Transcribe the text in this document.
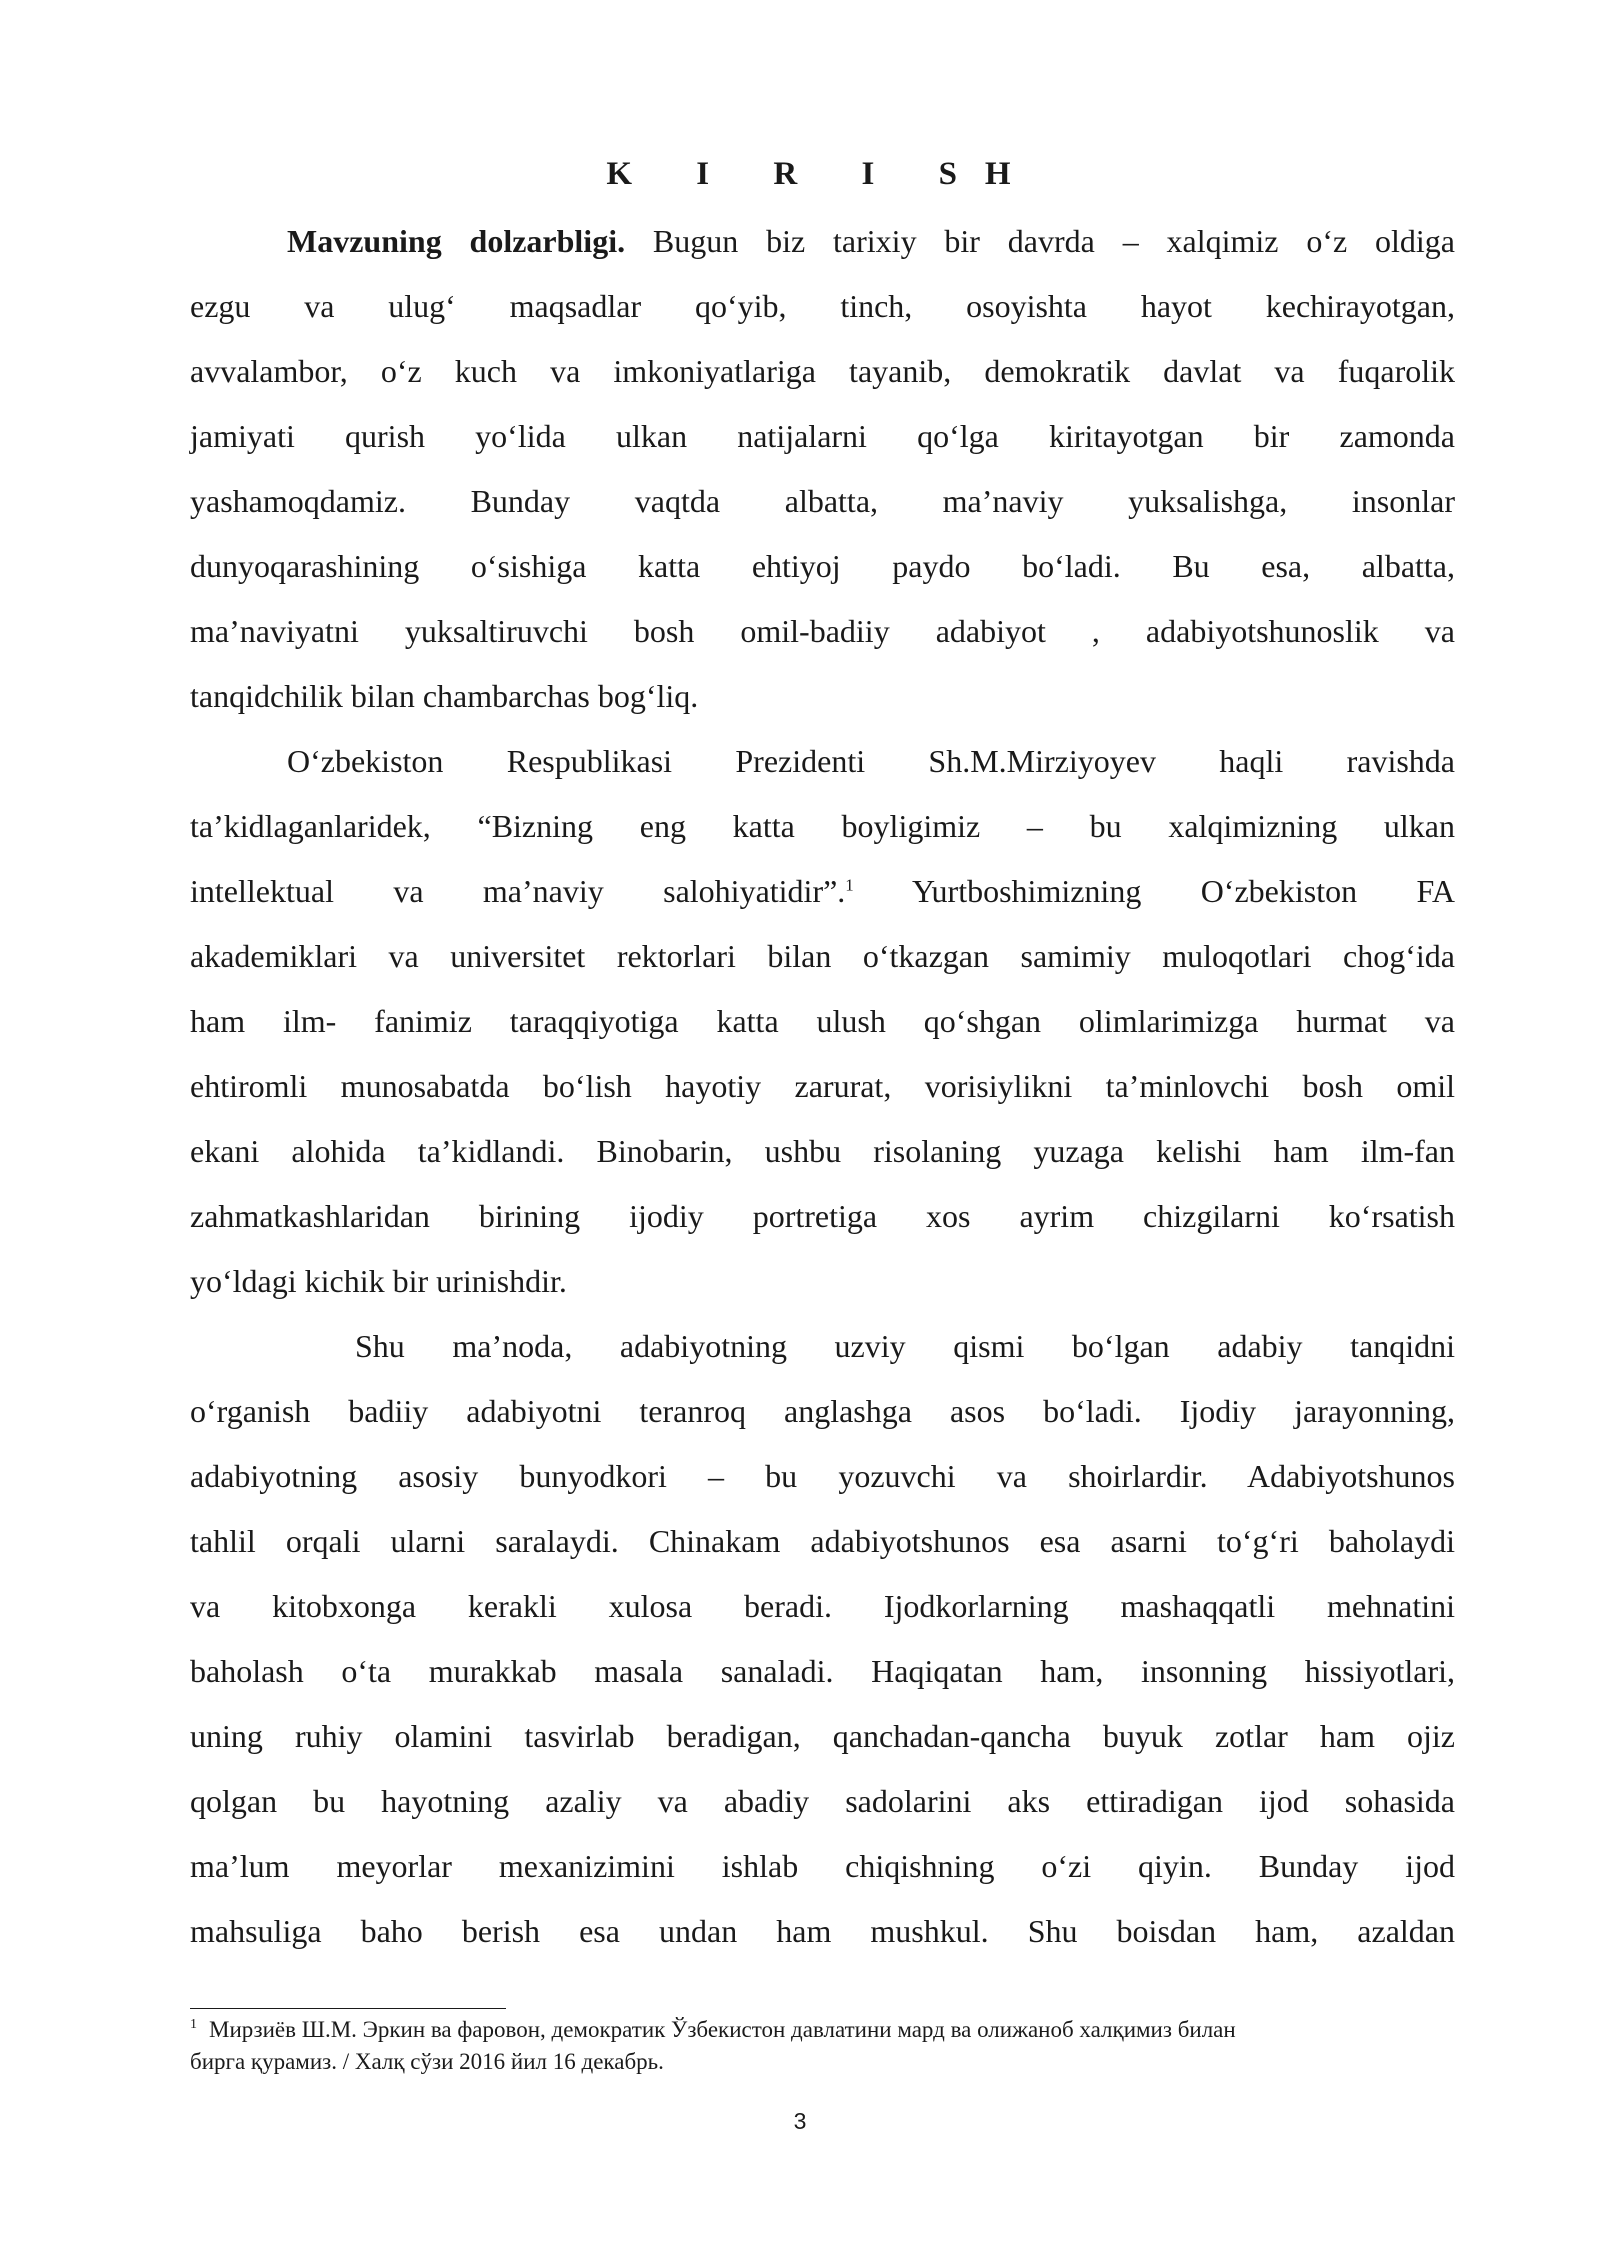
K I R I SH
Mavzuning dolzarbligi. Bugun biz tarixiy bir davrda – xalqimiz o‘z oldiga
ezgu va ulug‘ maqsadlar qo‘yib, tinch, osoyishta hayot kechirayotgan,
avvalambor, o‘z kuch va imkoniyatlariga tayanib, demokratik davlat va fuqarolik
jamiyati qurish yo‘lida ulkan natijalarni qo‘lga kiritayotgan bir zamonda
yashamoqdamiz. Bunday vaqtda albatta, ma’naviy yuksalishga, insonlar
dunyoqarashining o‘sishiga katta ehtiyoj paydo bo‘ladi. Bu esa, albatta,
ma’naviyatni yuksaltiruvchi bosh omil-badiiy adabiyot , adabiyotshunoslik va
tanqidchilik bilan chambarchas bog‘liq.
O‘zbekiston Respublikasi Prezidenti Sh.M.Mirziyoyev haqli ravishda
ta’kidlaganlaridek, “Bizning eng katta boyligimiz – bu xalqimizning ulkan
intellektual va ma’naviy salohiyatidir”.$^1$ Yurtboshimizning O‘zbekiston FA
akademiklari va universitet rektorlari bilan o‘tkazgan samimiy muloqotlari chog‘ida
ham ilm- fanimiz taraqqiyotiga katta ulush qo‘shgan olimlarimizga hurmat va
ehtiromli munosabatda bo‘lish hayotiy zarurat, vorisiylikni ta’minlovchi bosh omil
ekani alohida ta’kidlandi. Binobarin, ushbu risolaning yuzaga kelishi ham ilm-fan
zahmatkashlaridan birining ijodiy portretiga xos ayrim chizgilarni ko‘rsatish
yo‘ldagi kichik bir urinishdir.
Shu ma’noda, adabiyotning uzviy qismi bo‘lgan adabiy tanqidni
o‘rganish badiiy adabiyotni teranroq anglashga asos bo‘ladi. Ijodiy jarayonning,
adabiyotning asosiy bunyodkori – bu yozuvchi va shoirlardir. Adabiyotshunos
tahlil orqali ularni saralaydi. Chinakam adabiyotshunos esa asarni to‘g‘ri baholaydi
va kitobxonga kerakli xulosa beradi. Ijodkorlarning mashaqqatli mehnatini
baholash o‘ta murakkab masala sanaladi. Haqiqatan ham, insonning hissiyotlari,
uning ruhiy olamini tasvirlab beradigan, qanchadan-qancha buyuk zotlar ham ojiz
qolgan bu hayotning azaliy va abadiy sadolarini aks ettiradigan ijod sohasida
ma’lum meyorlar mexanizimini ishlab chiqishning o‘zi qiyin. Bunday ijod
mahsuliga baho berish esa undan ham mushkul. Shu boisdan ham, azaldan
$^1$ Мирзиёв Ш.М. Эркин ва фаровон, демократик Ўзбекистон давлатини мард ва олижаноб халқимиз билан
бирга қурамиз. / Халқ сўзи 2016 йил 16 декабрь.
3
